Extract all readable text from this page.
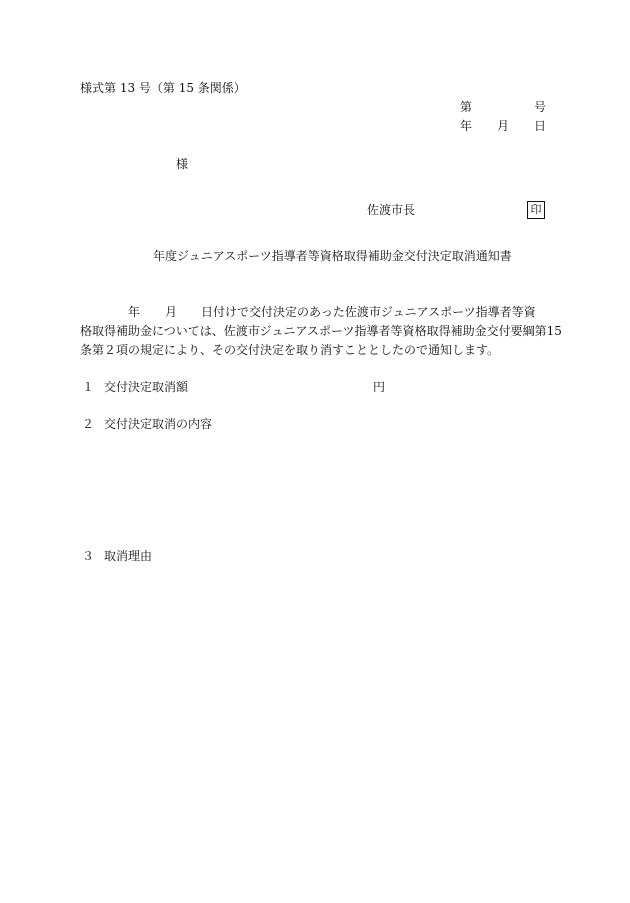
様式第 13 号（第 15 条関係）
第	号
年 月 日
様
佐渡市長	印
年度ジュニアスポーツ指導者等資格取得補助金交付決定取消通知書
年 月 日付けで交付決定のあった佐渡市ジュニアスポーツ指導者等資
格取得補助金については、佐渡市ジュニアスポーツ指導者等資格取得補助金交付要綱第15
条第２項の規定により、その交付決定を取り消すこととしたので通知します。
１ 交付決定取消額	円
２ 交付決定取消の内容
３ 取消理由
